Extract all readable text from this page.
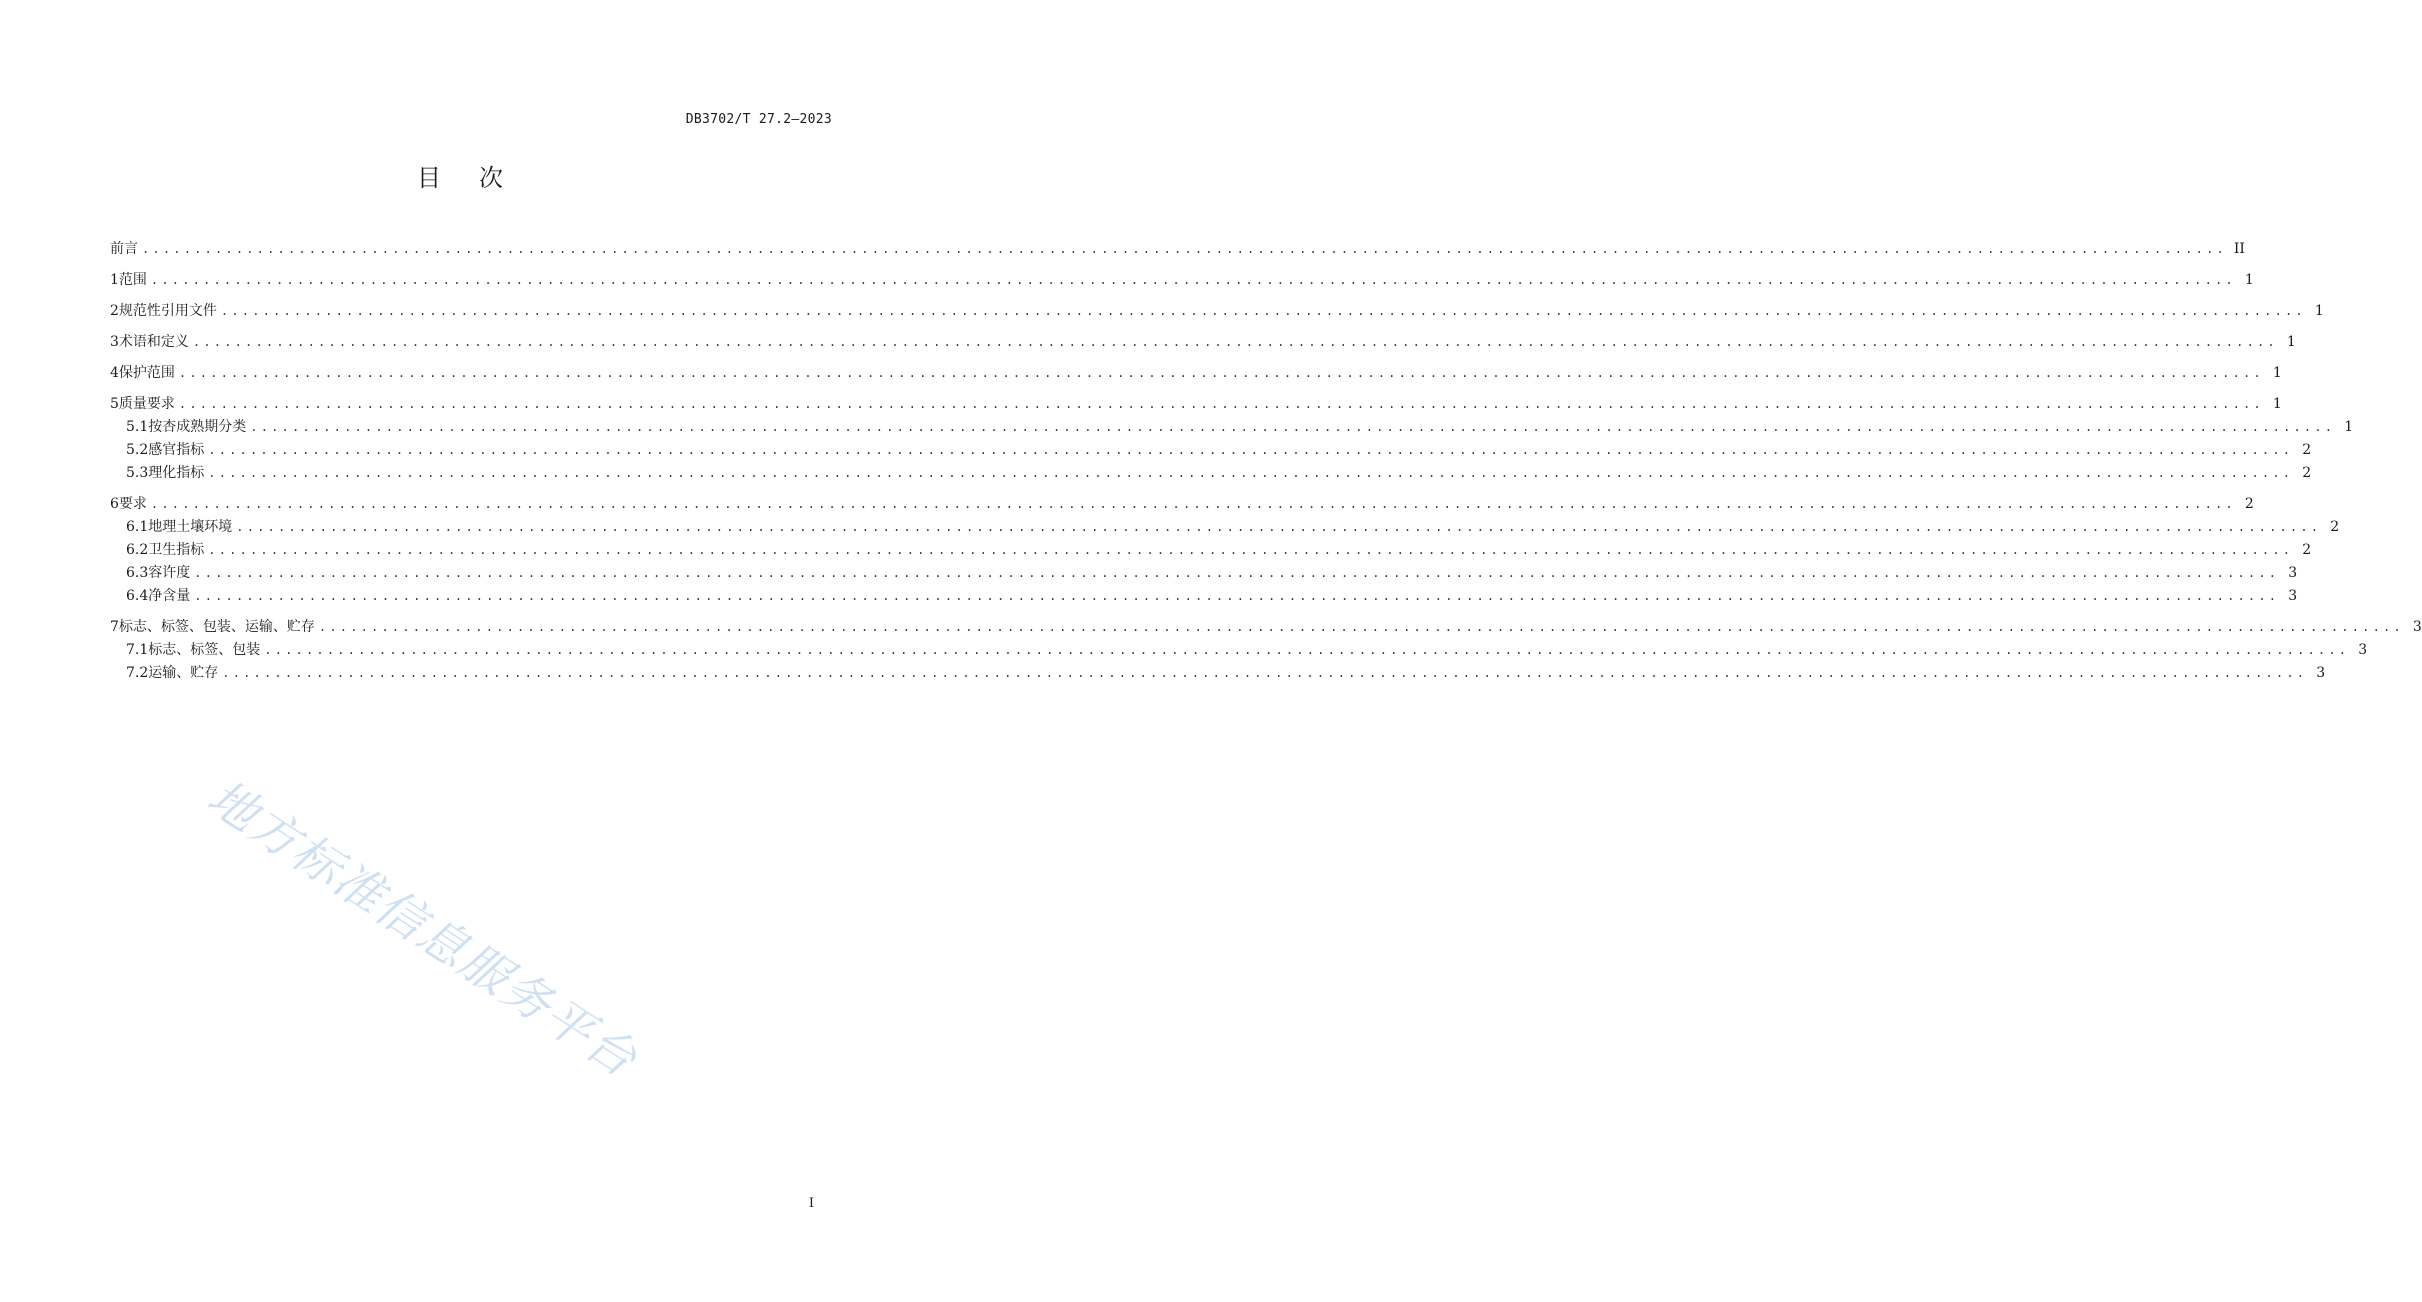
DB3702/T 27.2—2023
目 次
前言 ........................................................................................................................................................................................................ II
1 范围 ........................................................................................................................................................................................................ 1
2 规范性引用文件 ........................................................................................................................................................................................................ 1
3 术语和定义 ........................................................................................................................................................................................................ 1
4 保护范围 ........................................................................................................................................................................................................ 1
5 质量要求 ........................................................................................................................................................................................................ 1
5.1 按杏成熟期分类 ........................................................................................................................................................................................................ 1
5.2 感官指标 ........................................................................................................................................................................................................ 2
5.3 理化指标 ........................................................................................................................................................................................................ 2
6 要求 ........................................................................................................................................................................................................ 2
6.1 地理土壤环境 ........................................................................................................................................................................................................ 2
6.2 卫生指标 ........................................................................................................................................................................................................ 2
6.3 容许度 ........................................................................................................................................................................................................ 3
6.4 净含量 ........................................................................................................................................................................................................ 3
7 标志、标签、包装、运输、贮存 ........................................................................................................................................................................................................ 3
7.1 标志、标签、包装 ........................................................................................................................................................................................................ 3
7.2 运输、贮存 ........................................................................................................................................................................................................ 3
地方标准信息服务平台
I
